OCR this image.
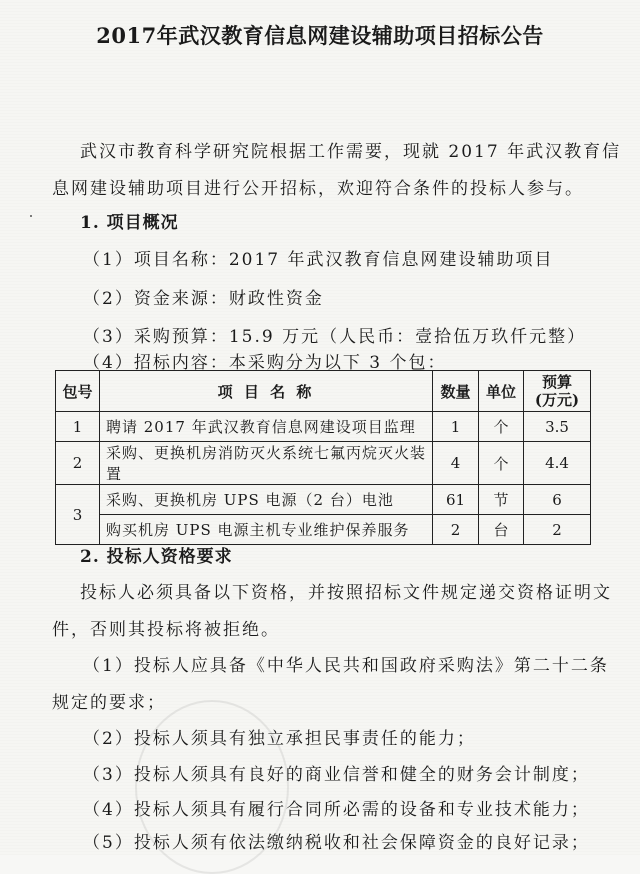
2017年武汉教育信息网建设辅助项目招标公告
武汉市教育科学研究院根据工作需要，现就 2017 年武汉教育信
息网建设辅助项目进行公开招标，欢迎符合条件的投标人参与。
1. 项目概况
（1）项目名称：2017 年武汉教育信息网建设辅助项目
（2）资金来源：财政性资金
（3）采购预算：15.9 万元（人民币：壹拾伍万玖仟元整）
（4）招标内容：本采购分为以下 3 个包：
包号	项 目 名 称	数量	单位	预算
(万元)

1	聘请 2017 年武汉教育信息网建设项目监理	1	个	3.5
2	采购、更换机房消防灭火系统七氟丙烷灭火装置	4	个	4.4
3	采购、更换机房 UPS 电源（2 台）电池	61	节	6
	购买机房 UPS 电源主机专业维护保养服务	2	台	2
2. 投标人资格要求
投标人必须具备以下资格，并按照招标文件规定递交资格证明文
件，否则其投标将被拒绝。
（1）投标人应具备《中华人民共和国政府采购法》第二十二条
规定的要求；
（2）投标人须具有独立承担民事责任的能力；
（3）投标人须具有良好的商业信誉和健全的财务会计制度；
（4）投标人须具有履行合同所必需的设备和专业技术能力；
（5）投标人须有依法缴纳税收和社会保障资金的良好记录；
